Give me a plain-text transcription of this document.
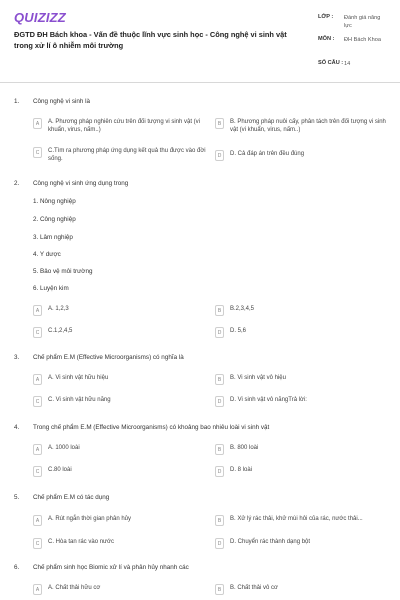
QUIZIZZ
ĐGTD ĐH Bách khoa - Vấn đề thuộc lĩnh vực sinh học - Công nghệ vi sinh vật trong xử lí ô nhiễm môi trường
LỚP :	Đánh giá năng lực
MÔN :	ĐH Bách Khoa
SỐ CÂU : 14
1. Công nghệ vi sinh là
A	A. Phương pháp nghiên cứu trên đối tượng vi sinh vật (vi khuẩn, virus, nấm..)
B	B. Phương pháp nuôi cấy, phân tách trên đối tượng vi sinh vật (vi khuẩn, virus, nấm..)
C	C.Tìm ra phương pháp ứng dụng kết quả thu được vào đời sống.
D	D. Cả đáp án trên đều đúng
2. Công nghệ vi sinh ứng dụng trong
1. Nông nghiệp
2. Công nghiệp
3. Lâm nghiệp
4. Y dược
5. Bảo vệ môi trường
6. Luyện kim
A	A. 1,2,3	B	B.2,3,4,5
C	C.1,2,4,5	D	D. 5,6
3. Chế phẩm E.M (Effective Microorganisms) có nghĩa là
A	A. Vi sinh vật hữu hiệu	B	B. Vi sinh vật vô hiệu
C	C. Vi sinh vật hữu năng	D	D. Vi sinh vật vô năngTrả lời:
4. Trong chế phẩm E.M (Effective Microorganisms) có khoảng bao nhiêu loài vi sinh vật
A	A. 1000 loài	B	B. 800 loài
C	C.80 loài	D	D. 8 loài
5. Chế phẩm E.M có tác dụng
A	A. Rút ngắn thời gian phân hủy	B	B. Xử lý rác thải, khử mùi hôi của rác, nước thải...
C	C. Hòa tan rác vào nước	D	D. Chuyển rác thành dạng bột
6. Chế phẩm sinh học Biomic xử lí và phân hủy nhanh các
A	A. Chất thải hữu cơ	B	B. Chất thải vô cơ
